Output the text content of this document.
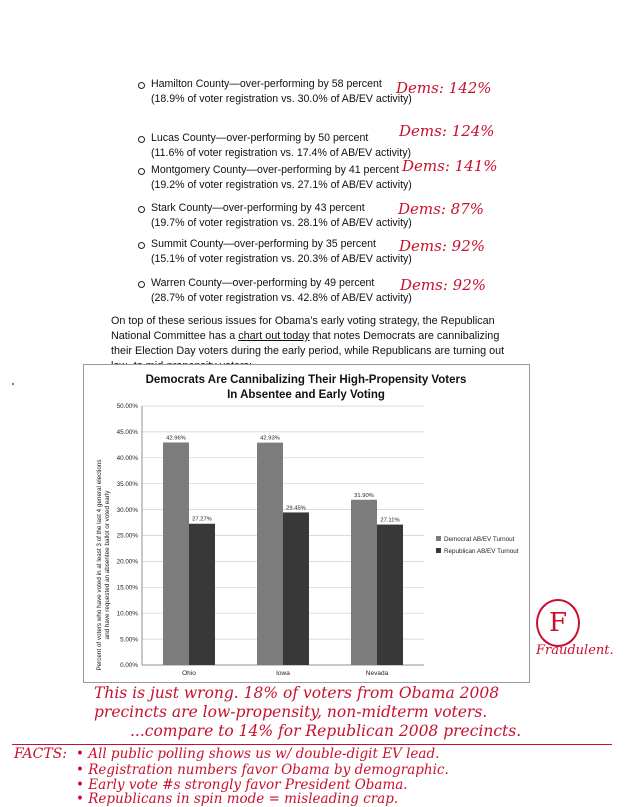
Hamilton County—over-performing by 58 percent
(18.9% of voter registration vs. 30.0% of AB/EV activity)
Lucas County—over-performing by 50 percent
(11.6% of voter registration vs. 17.4% of AB/EV activity)
Montgomery County—over-performing by 41 percent
(19.2% of voter registration vs. 27.1% of AB/EV activity)
Stark County—over-performing by 43 percent
(19.7% of voter registration vs. 28.1% of AB/EV activity)
Summit County—over-performing by 35 percent
(15.1% of voter registration vs. 20.3% of AB/EV activity)
Warren County—over-performing by 49 percent
(28.7% of voter registration vs. 42.8% of AB/EV activity)
Dems: 142%
Dems: 124%
Dems: 141%
Dems: 87%
Dems: 92%
Dems: 92%
On top of these serious issues for Obama’s early voting strategy, the Republican National Committee has a chart out today that notes Democrats are cannibalizing their Election Day voters during the early period, while Republicans are turning out
Democrats Are Cannibalizing Their High-Propensity Voters
In Absentee and Early Voting
0.00%
5.00%
10.00%
15.00%
20.00%
25.00%
30.00%
35.00%
40.00%
45.00%
50.00%
42.96%
27.27%
42.93%
29.45%
31.90%
27.11%
Ohio	Iowa	Nevada
Percent of voters who have voted in at least 3 of the last 4 general elections and have requested an absentee ballot or voted early	Democrat AB/EV Turnout
Republican AB/EV Turnout
F
Fraudulent.
This is just wrong. 18% of voters from Obama 2008
precincts are low-propensity, non-midterm voters.
...compare to 14% for Republican 2008 precincts.
FACTS: • All public polling shows us w/ double-digit EV lead.
• Registration numbers favor Obama by demographic.
• Early vote #s strongly favor President Obama.
• Republicans in spin mode = misleading crap.
